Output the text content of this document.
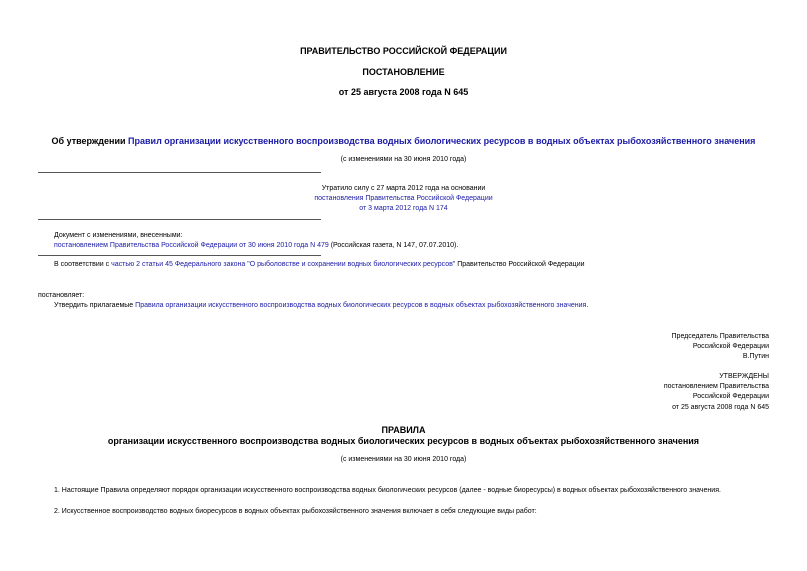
ПРАВИТЕЛЬСТВО РОССИЙСКОЙ ФЕДЕРАЦИИ
ПОСТАНОВЛЕНИЕ
от 25 августа 2008 года N 645
Об утверждении Правил организации искусственного воспроизводства водных биологических ресурсов в водных объектах рыбохозяйственного значения
(с изменениями на 30 июня 2010 года)
Утратило силу с 27 марта 2012 года на основании
постановления Правительства Российской Федерации
от 3 марта 2012 года N 174
Документ с изменениями, внесенными:
постановлением Правительства Российской Федерации от 30 июня 2010 года N 479 (Российская газета, N 147, 07.07.2010).
В соответствии с частью 2 статьи 45 Федерального закона "О рыболовстве и сохранении водных биологических ресурсов" Правительство Российской Федерации
постановляет:
Утвердить прилагаемые Правила организации искусственного воспроизводства водных биологических ресурсов в водных объектах рыбохозяйственного значения.
Председатель Правительства
Российской Федерации
В.Путин
УТВЕРЖДЕНЫ
постановлением Правительства
Российской Федерации
от 25 августа 2008 года N 645
ПРАВИЛА
организации искусственного воспроизводства водных биологических ресурсов в водных объектах рыбохозяйственного значения
(с изменениями на 30 июня 2010 года)
1. Настоящие Правила определяют порядок организации искусственного воспроизводства водных биологических ресурсов (далее - водные биоресурсы) в водных объектах рыбохозяйственного значения.
2. Искусственное воспроизводство водных биоресурсов в водных объектах рыбохозяйственного значения включает в себя следующие виды работ:
